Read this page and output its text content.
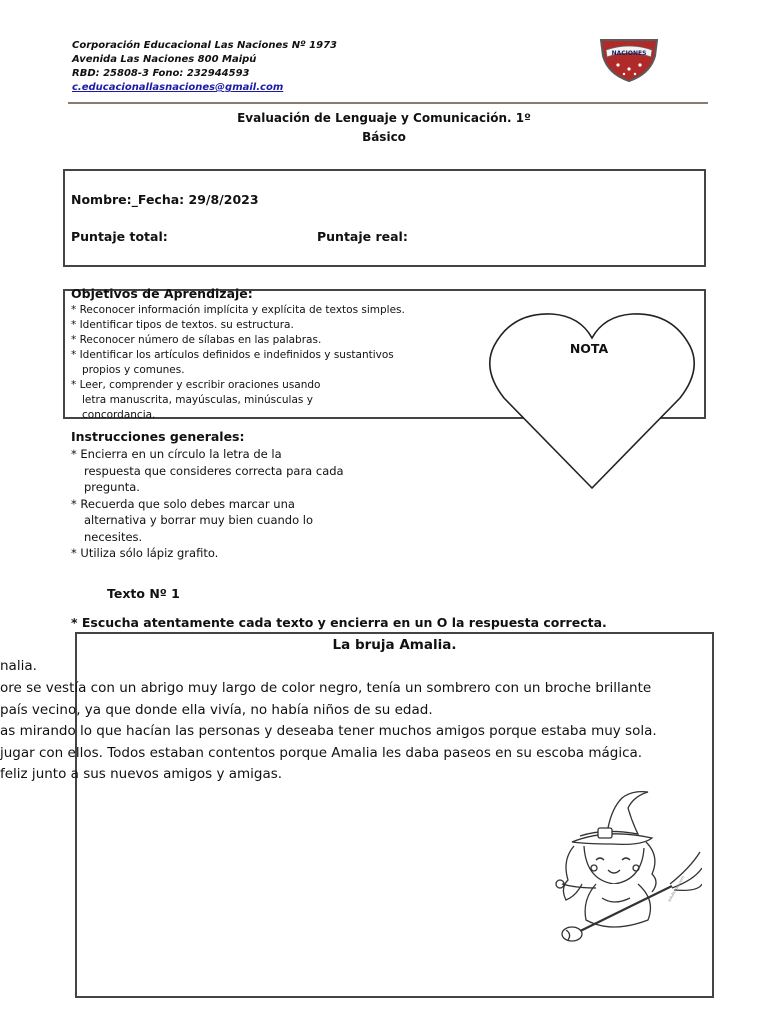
Corporación Educacional Las Naciones Nº 1973
Avenida Las Naciones 800 Maipú
RBD: 25808-3 Fono: 232944593
c.educacionallasnaciones@gmail.com
NACIONES
Evaluación de Lenguaje y Comunicación. 1º
Básico
Nombre:_Fecha: 29/8/2023
Puntaje total:	Puntaje real:
Objetivos de Aprendizaje:
* Reconocer información implícita y explícita de textos simples.
* Identificar tipos de textos. su estructura.
* Reconocer número de sílabas en las palabras.
* Identificar los artículos definidos e indefinidos y sustantivos
propios y comunes.
* Leer, comprender y escribir oraciones usando
letra manuscrita, mayúsculas, minúsculas y
concordancia.
NOTA
Instrucciones generales:
* Encierra en un círculo la letra de la
respuesta que consideres correcta para cada
pregunta.
* Recuerda que solo debes marcar una
alternativa y borrar muy bien cuando lo
necesites.
* Utiliza sólo lápiz grafito.
Texto Nº 1
* Escucha atentamente cada texto y encierra en un O la respuesta correcta.
La bruja Amalia.
nalia.
ore se vestía con un abrigo muy largo de color negro, tenía un sombrero con un broche brillante
país vecino, ya que donde ella vivía, no había niños de su edad.
as mirando lo que hacían las personas y deseaba tener muchos amigos porque estaba muy sola.
jugar con ellos. Todos estaban contentos porque Amalia les daba paseos en su escoba mágica.
feliz junto a sus nuevos amigos y amigas.
edufichas.com
